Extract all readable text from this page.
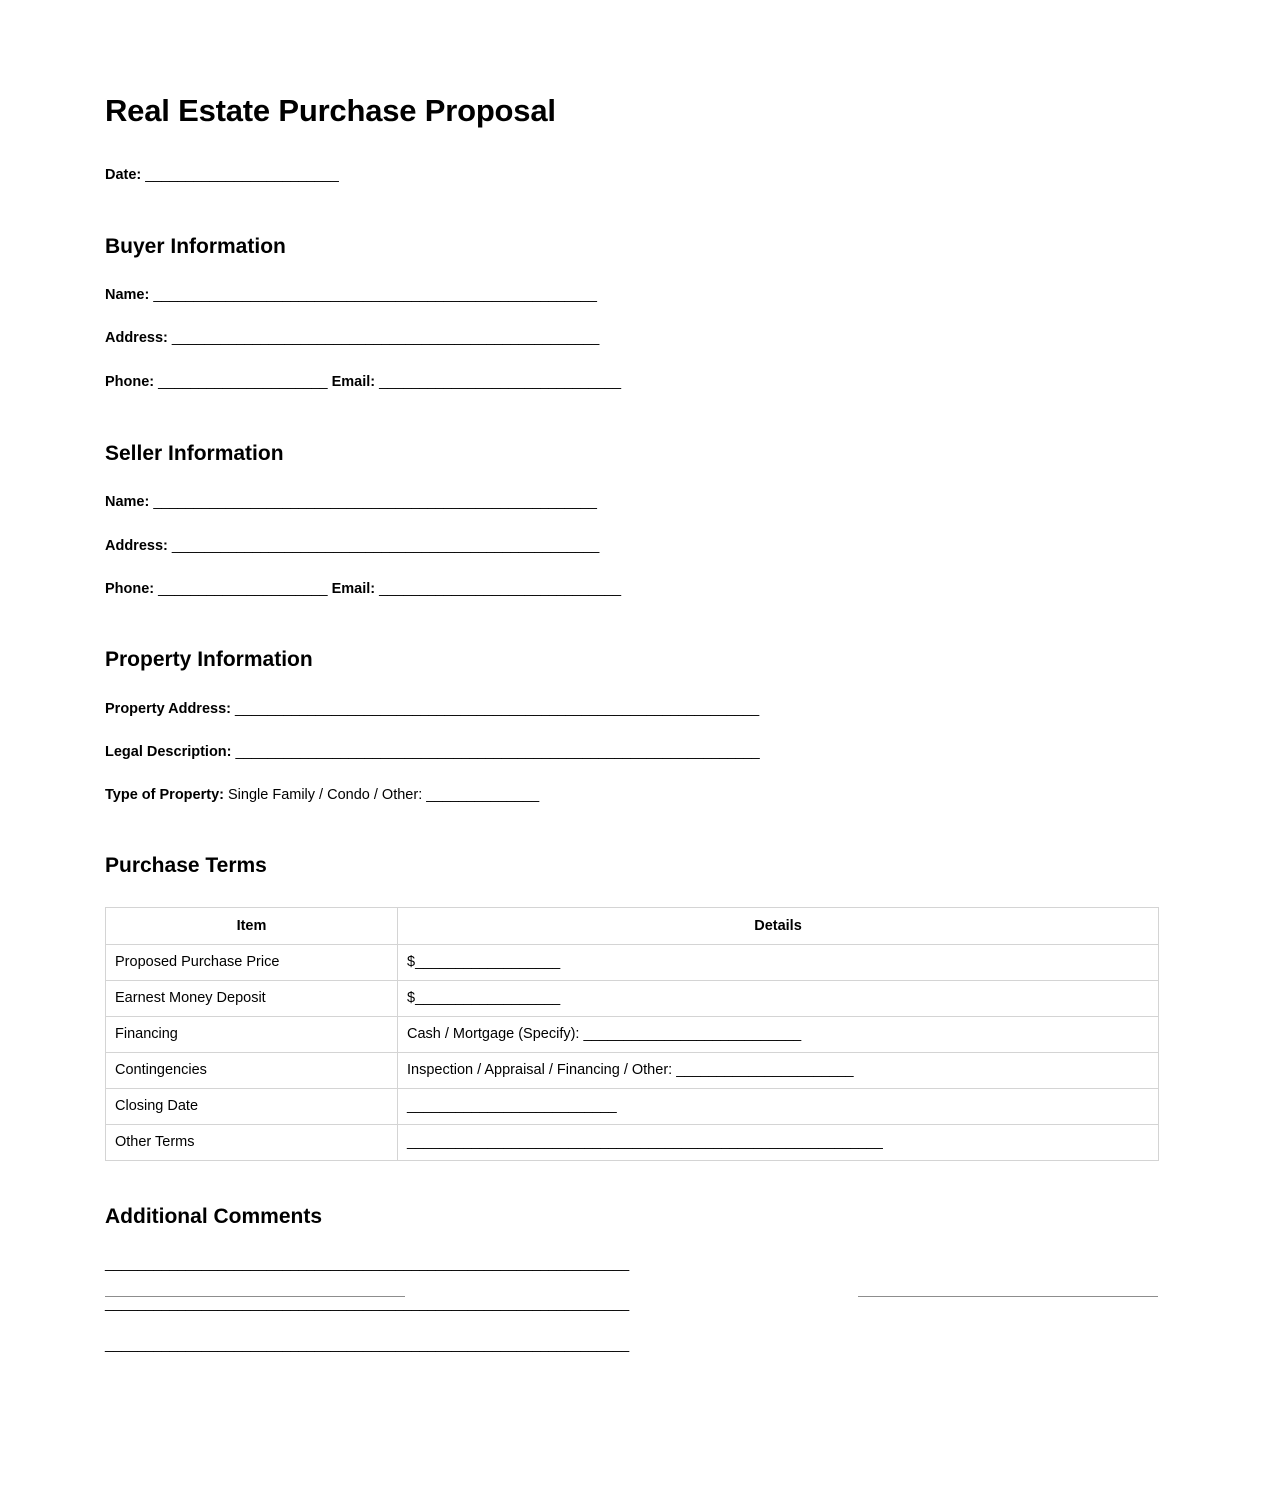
Real Estate Purchase Proposal
Date: ________________________
Buyer Information
Name: _______________________________________________________
Address: _____________________________________________________
Phone: _____________________ Email: ______________________________
Seller Information
Name: _______________________________________________________
Address: _____________________________________________________
Phone: _____________________ Email: ______________________________
Property Information
Property Address: _________________________________________________________________
Legal Description: _________________________________________________________________
Type of Property: Single Family / Condo / Other: ______________
Purchase Terms
Item	Details
Proposed Purchase Price	$__________________
Earnest Money Deposit	$__________________
Financing	Cash / Mortgage (Specify): ___________________________
Contingencies	Inspection / Appraisal / Financing / Other: ______________________
Closing Date	__________________________
Other Terms	___________________________________________________________
Additional Comments
_________________________________________________________________
_________________________________________________________________
_________________________________________________________________
